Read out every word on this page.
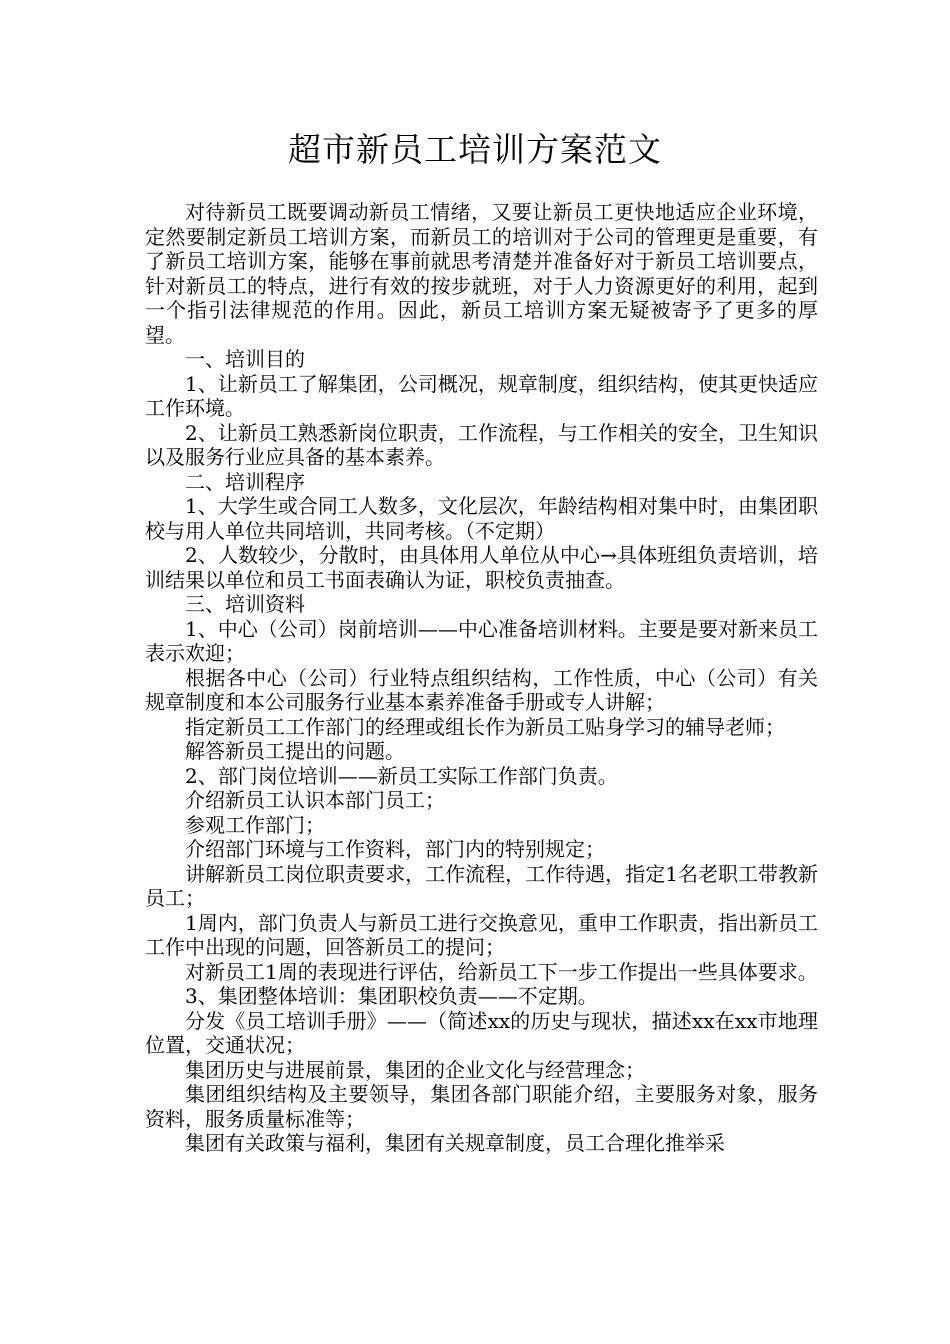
超市新员工培训方案范文

对待新员工既要调动新员工情绪，又要让新员工更快地适应企业环境，定然要制定新员工培训方案，而新员工的培训对于公司的管理更是重要，有了新员工培训方案，能够在事前就思考清楚并准备好对于新员工培训要点，针对新员工的特点，进行有效的按步就班，对于人力资源更好的利用，起到一个指引法律规范的作用。因此，新员工培训方案无疑被寄予了更多的厚望。

一、培训目的

1、让新员工了解集团，公司概况，规章制度，组织结构，使其更快适应工作环境。

2、让新员工熟悉新岗位职责，工作流程，与工作相关的安全，卫生知识以及服务行业应具备的基本素养。

二、培训程序

1、大学生或合同工人数多，文化层次，年龄结构相对集中时，由集团职校与用人单位共同培训，共同考核。（不定期）

2、人数较少，分散时，由具体用人单位从中心→具体班组负责培训，培训结果以单位和员工书面表确认为证，职校负责抽查。

三、培训资料

1、中心（公司）岗前培训——中心准备培训材料。主要是要对新来员工表示欢迎；

根据各中心（公司）行业特点组织结构，工作性质，中心（公司）有关规章制度和本公司服务行业基本素养准备手册或专人讲解；

指定新员工工作部门的经理或组长作为新员工贴身学习的辅导老师；

解答新员工提出的问题。

2、部门岗位培训——新员工实际工作部门负责。

介绍新员工认识本部门员工；

参观工作部门；

介绍部门环境与工作资料，部门内的特别规定；

讲解新员工岗位职责要求，工作流程，工作待遇，指定1名老职工带教新员工；

1周内，部门负责人与新员工进行交换意见，重申工作职责，指出新员工工作中出现的问题，回答新员工的提问；

对新员工1周的表现进行评估，给新员工下一步工作提出一些具体要求。

3、集团整体培训：集团职校负责——不定期。

分发《员工培训手册》——（简述xx的历史与现状，描述xx在xx市地理位置，交通状况；

集团历史与进展前景，集团的企业文化与经营理念；

集团组织结构及主要领导，集团各部门职能介绍，主要服务对象，服务资料，服务质量标准等；

集团有关政策与福利，集团有关规章制度，员工合理化推举采
